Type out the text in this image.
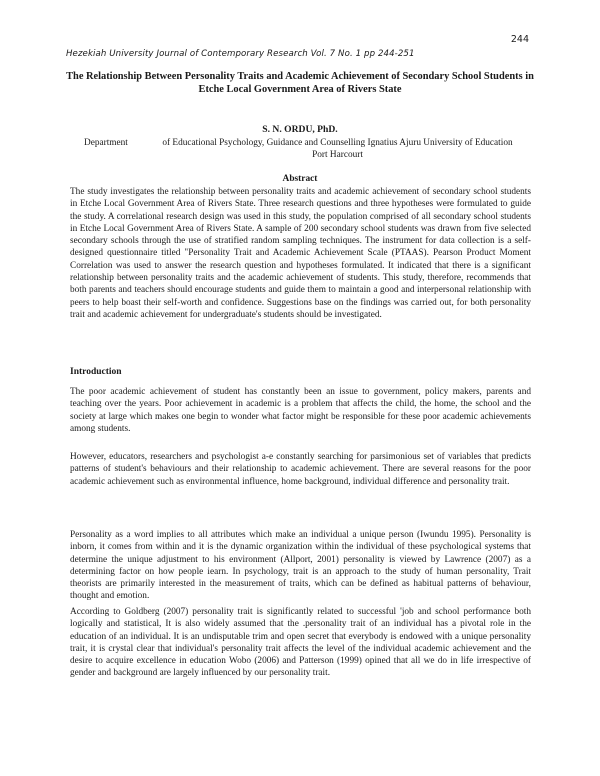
244
Hezekiah University Journal of Contemporary Research Vol. 7 No. 1 pp 244-251
The Relationship Between Personality Traits and Academic Achievement of Secondary School Students in Etche Local Government Area of Rivers State
S. N. ORDU, PhD.
Department	of Educational Psychology, Guidance and Counselling Ignatius Ajuru University of Education Port Harcourt
Abstract

The study investigates the relationship between personality traits and academic achievement of secondary school students in Etche Local Government Area of Rivers State. Three research questions and three hypotheses were formulated to guide the study. A correlational research design was used in this study, the population comprised of all secondary school students in Etche Local Government Area of Rivers State. A sample of 200 secondary school students was drawn from five selected secondary schools through the use of stratified random sampling techniques. The instrument for data collection is a self-designed questionnaire titled "Personality Trait and Academic Achievement Scale (PTAAS). Pearson Product Moment Correlation was used to answer the research question and hypotheses formulated. It indicated that there is a significant relationship between personality traits and the academic achievement of students. This study, therefore, recommends that both parents and teachers should encourage students and guide them to maintain a good and interpersonal relationship with peers to help boast their self-worth and confidence. Suggestions base on the findings was carried out, for both personality trait and academic achievement for undergraduate's students should be investigated.

Introduction

The poor academic achievement of student has constantly been an issue to government, policy makers, parents and teaching over the years. Poor achievement in academic is a problem that affects the child, the home, the school and the society at large which makes one begin to wonder what factor might be responsible for these poor academic achievements among students.

However, educators, researchers and psychologist a-e constantly searching for parsimonious set of variables that predicts patterns of student's behaviours and their relationship to academic achievement. There are several reasons for the poor academic achievement such as environmental influence, home background, individual difference and personality trait.

Personality as a word implies to all attributes which make an individual a unique person (Iwundu 1995). Personality is inborn, it comes from within and it is the dynamic organization within the individual of these psychological systems that determine the unique adjustment to his environment (Allport, 2001) personality is viewed by Lawrence (2007) as a determining factor on how people iearn. In psychology, trait is an approach to the study of human personality, Trait theorists are primarily interested in the measurement of traits, which can be defined as habitual patterns of behaviour, thought and emotion.

According to Goldberg (2007) personality trait is significantly related to successful 'job and school performance both logically and statistical, It is also widely assumed that the .personality trait of an individual has a pivotal role in the education of an individual. It is an undisputable trim and open secret that everybody is endowed with a unique personality trait, it is crystal clear that individual's personality trait affects the level of the individual academic achievement and the desire to acquire excellence in education Wobo (2006) and Patterson (1999) opined that all we do in life irrespective of gender and background are largely influenced by our personality trait.
